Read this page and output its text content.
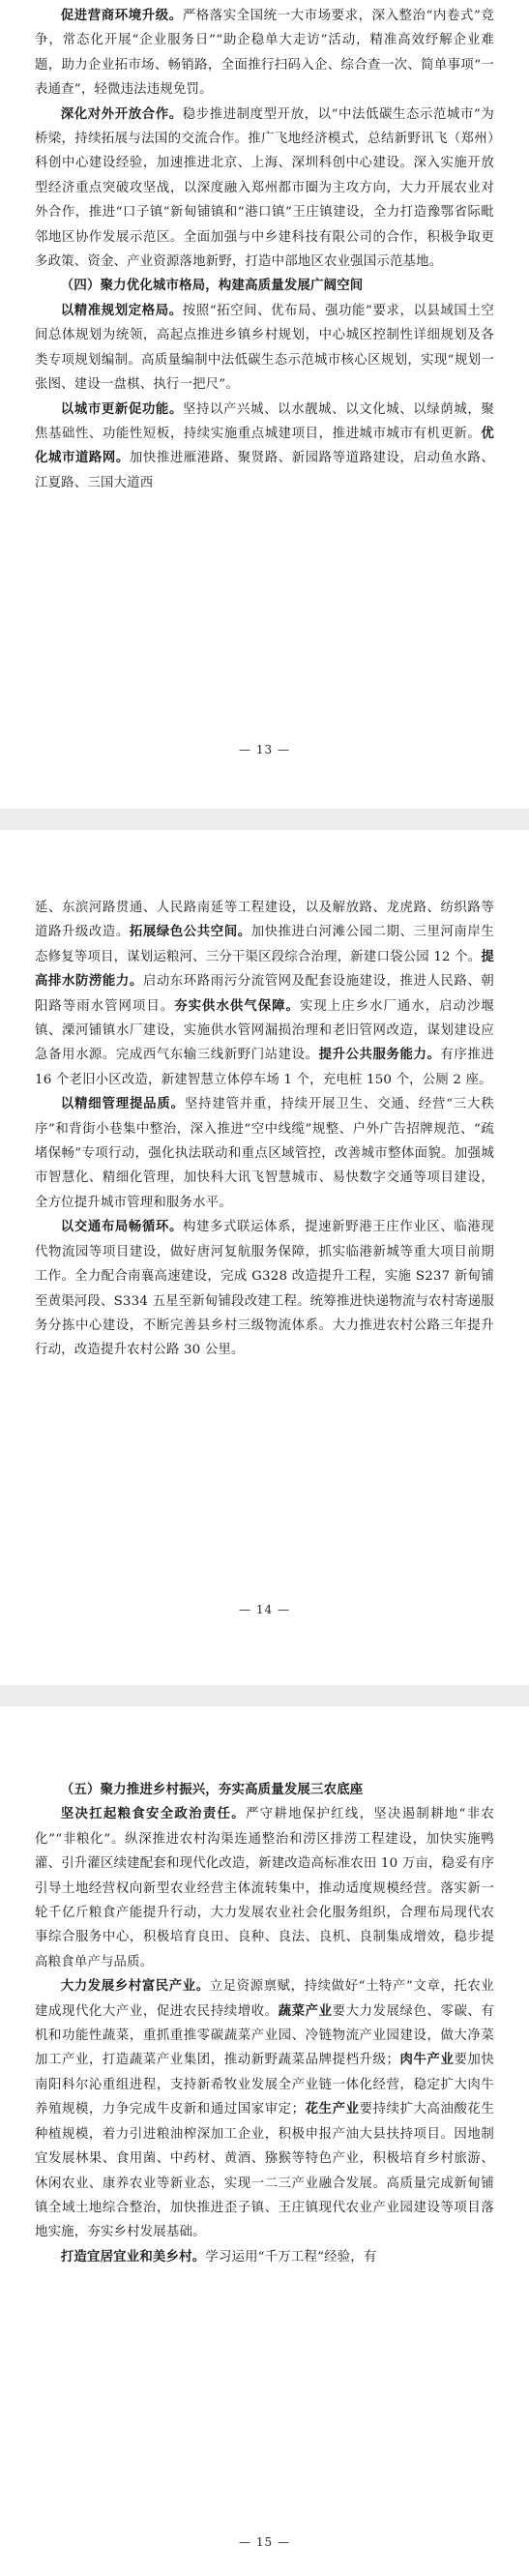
促进营商环境升级。严格落实全国统一大市场要求，深入整治“内卷式”竞争，常态化开展“企业服务日”“助企稳单大走访”活动，精准高效纾解企业难题，助力企业拓市场、畅销路，全面推行扫码入企、综合查一次、简单事项“一表通查”，轻微违法违规免罚。

深化对外开放合作。稳步推进制度型开放，以“中法低碳生态示范城市”为桥梁，持续拓展与法国的交流合作。推广飞地经济模式，总结新野讯飞（郑州）科创中心建设经验，加速推进北京、上海、深圳科创中心建设。深入实施开放型经济重点突破攻坚战，以深度融入郑州都市圈为主攻方向，大力开展农业对外合作，推进“口子镇”新甸铺镇和“港口镇”王庄镇建设，全力打造豫鄂省际毗邻地区协作发展示范区。全面加强与中乡建科技有限公司的合作，积极争取更多政策、资金、产业资源落地新野，打造中部地区农业强国示范基地。

（四）聚力优化城市格局，构建高质量发展广阔空间

以精准规划定格局。按照“拓空间、优布局、强功能”要求，以县域国土空间总体规划为统领，高起点推进乡镇乡村规划，中心城区控制性详细规划及各类专项规划编制。高质量编制中法低碳生态示范城市核心区规划，实现“规划一张图、建设一盘棋、执行一把尺”。

以城市更新促功能。坚持以产兴城、以水靓城、以文化城、以绿荫城，聚焦基础性、功能性短板，持续实施重点城建项目，推进城市城市有机更新。优化城市道路网。加快推进雁港路、聚贤路、新园路等道路建设，启动鱼水路、江夏路、三国大道西

— 13 —

延、东滨河路贯通、人民路南延等工程建设，以及解放路、龙虎路、纺织路等道路升级改造。拓展绿色公共空间。加快推进白河滩公园二期、三里河南岸生态修复等项目，谋划运粮河、三分干渠区段综合治理，新建口袋公园 12 个。提高排水防涝能力。启动东环路雨污分流管网及配套设施建设，推进人民路、朝阳路等雨水管网项目。夯实供水供气保障。实现上庄乡水厂通水，启动沙堰镇、溧河铺镇水厂建设，实施供水管网漏损治理和老旧管网改造，谋划建设应急备用水源。完成西气东输三线新野门站建设。提升公共服务能力。有序推进 16 个老旧小区改造，新建智慧立体停车场 1 个，充电桩 150 个，公厕 2 座。

以精细管理提品质。坚持建管并重，持续开展卫生、交通、经营“三大秩序”和背街小巷集中整治，深入推进“空中线缆”规整、户外广告招牌规范、“疏堵保畅”专项行动，强化执法联动和重点区域管控，改善城市整体面貌。加强城市智慧化、精细化管理，加快科大讯飞智慧城市、易快数字交通等项目建设，全方位提升城市管理和服务水平。

以交通布局畅循环。构建多式联运体系，提速新野港王庄作业区、临港现代物流园等项目建设，做好唐河复航服务保障，抓实临港新城等重大项目前期工作。全力配合南襄高速建设，完成 G328 改造提升工程，实施 S237 新甸铺至黄渠河段、S334 五星至新甸铺段改建工程。统筹推进快递物流与农村寄递服务分拣中心建设，不断完善县乡村三级物流体系。大力推进农村公路三年提升行动，改造提升农村公路 30 公里。

— 14 —

（五）聚力推进乡村振兴，夯实高质量发展三农底座

坚决扛起粮食安全政治责任。严守耕地保护红线，坚决遏制耕地“非农化”“非粮化”。纵深推进农村沟渠连通整治和涝区排涝工程建设，加快实施鸭灌、引升灌区续建配套和现代化改造，新建改造高标准农田 10 万亩，稳妥有序引导土地经营权向新型农业经营主体流转集中，推动适度规模经营。落实新一轮千亿斤粮食产能提升行动，大力发展农业社会化服务组织，合理布局现代农事综合服务中心，积极培育良田、良种、良法、良机、良制集成增效，稳步提高粮食单产与品质。

大力发展乡村富民产业。立足资源禀赋，持续做好“土特产”文章，托农业建成现代化大产业，促进农民持续增收。蔬菜产业要大力发展绿色、零碳、有机和功能性蔬菜，重抓重推零碳蔬菜产业园、冷链物流产业园建设，做大净菜加工产业，打造蔬菜产业集团，推动新野蔬菜品牌提档升级；肉牛产业要加快南阳科尔沁重组进程，支持新希牧业发展全产业链一体化经营，稳定扩大肉牛养殖规模，力争完成牛皮新和通过国家审定；花生产业要持续扩大高油酸花生种植规模，着力引进粮油榨深加工企业，积极申报产油大县扶持项目。因地制宜发展林果、食用菌、中药材、黄酒、猕猴等特色产业，积极培育乡村旅游、休闲农业、康养农业等新业态，实现一二三产业融合发展。高质量完成新甸铺镇全域土地综合整治，加快推进歪子镇、王庄镇现代农业产业园建设等项目落地实施，夯实乡村发展基础。

打造宜居宜业和美乡村。学习运用“千万工程”经验，有

— 15 —
